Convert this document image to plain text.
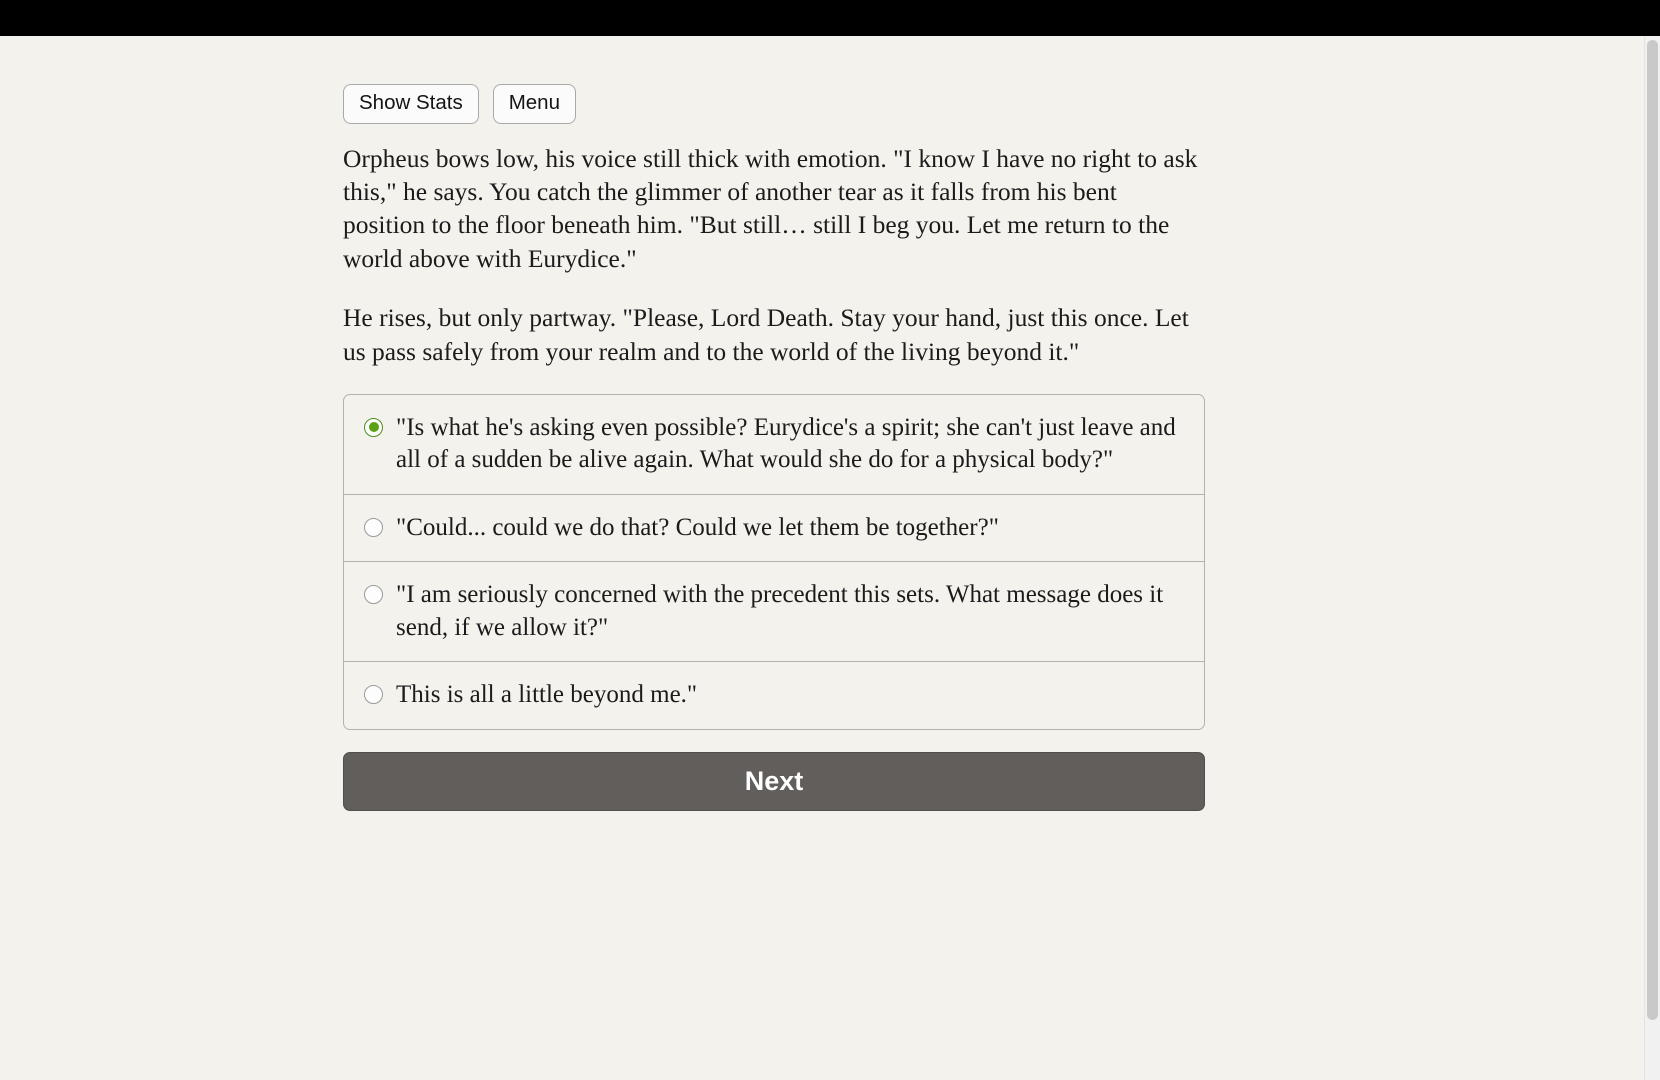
Show Stats	Menu

Orpheus bows low, his voice still thick with emotion. "I know I have no right to ask this," he says. You catch the glimmer of another tear as it falls from his bent position to the floor beneath him. "But still… still I beg you. Let me return to the world above with Eurydice."

He rises, but only partway. "Please, Lord Death. Stay your hand, just this once. Let us pass safely from your realm and to the world of the living beyond it."

"Is what he's asking even possible? Eurydice's a spirit; she can't just leave and all of a sudden be alive again. What would she do for a physical body?"
"Could... could we do that? Could we let them be together?"
"I am seriously concerned with the precedent this sets. What message does it send, if we allow it?"
This is all a little beyond me."
Next
